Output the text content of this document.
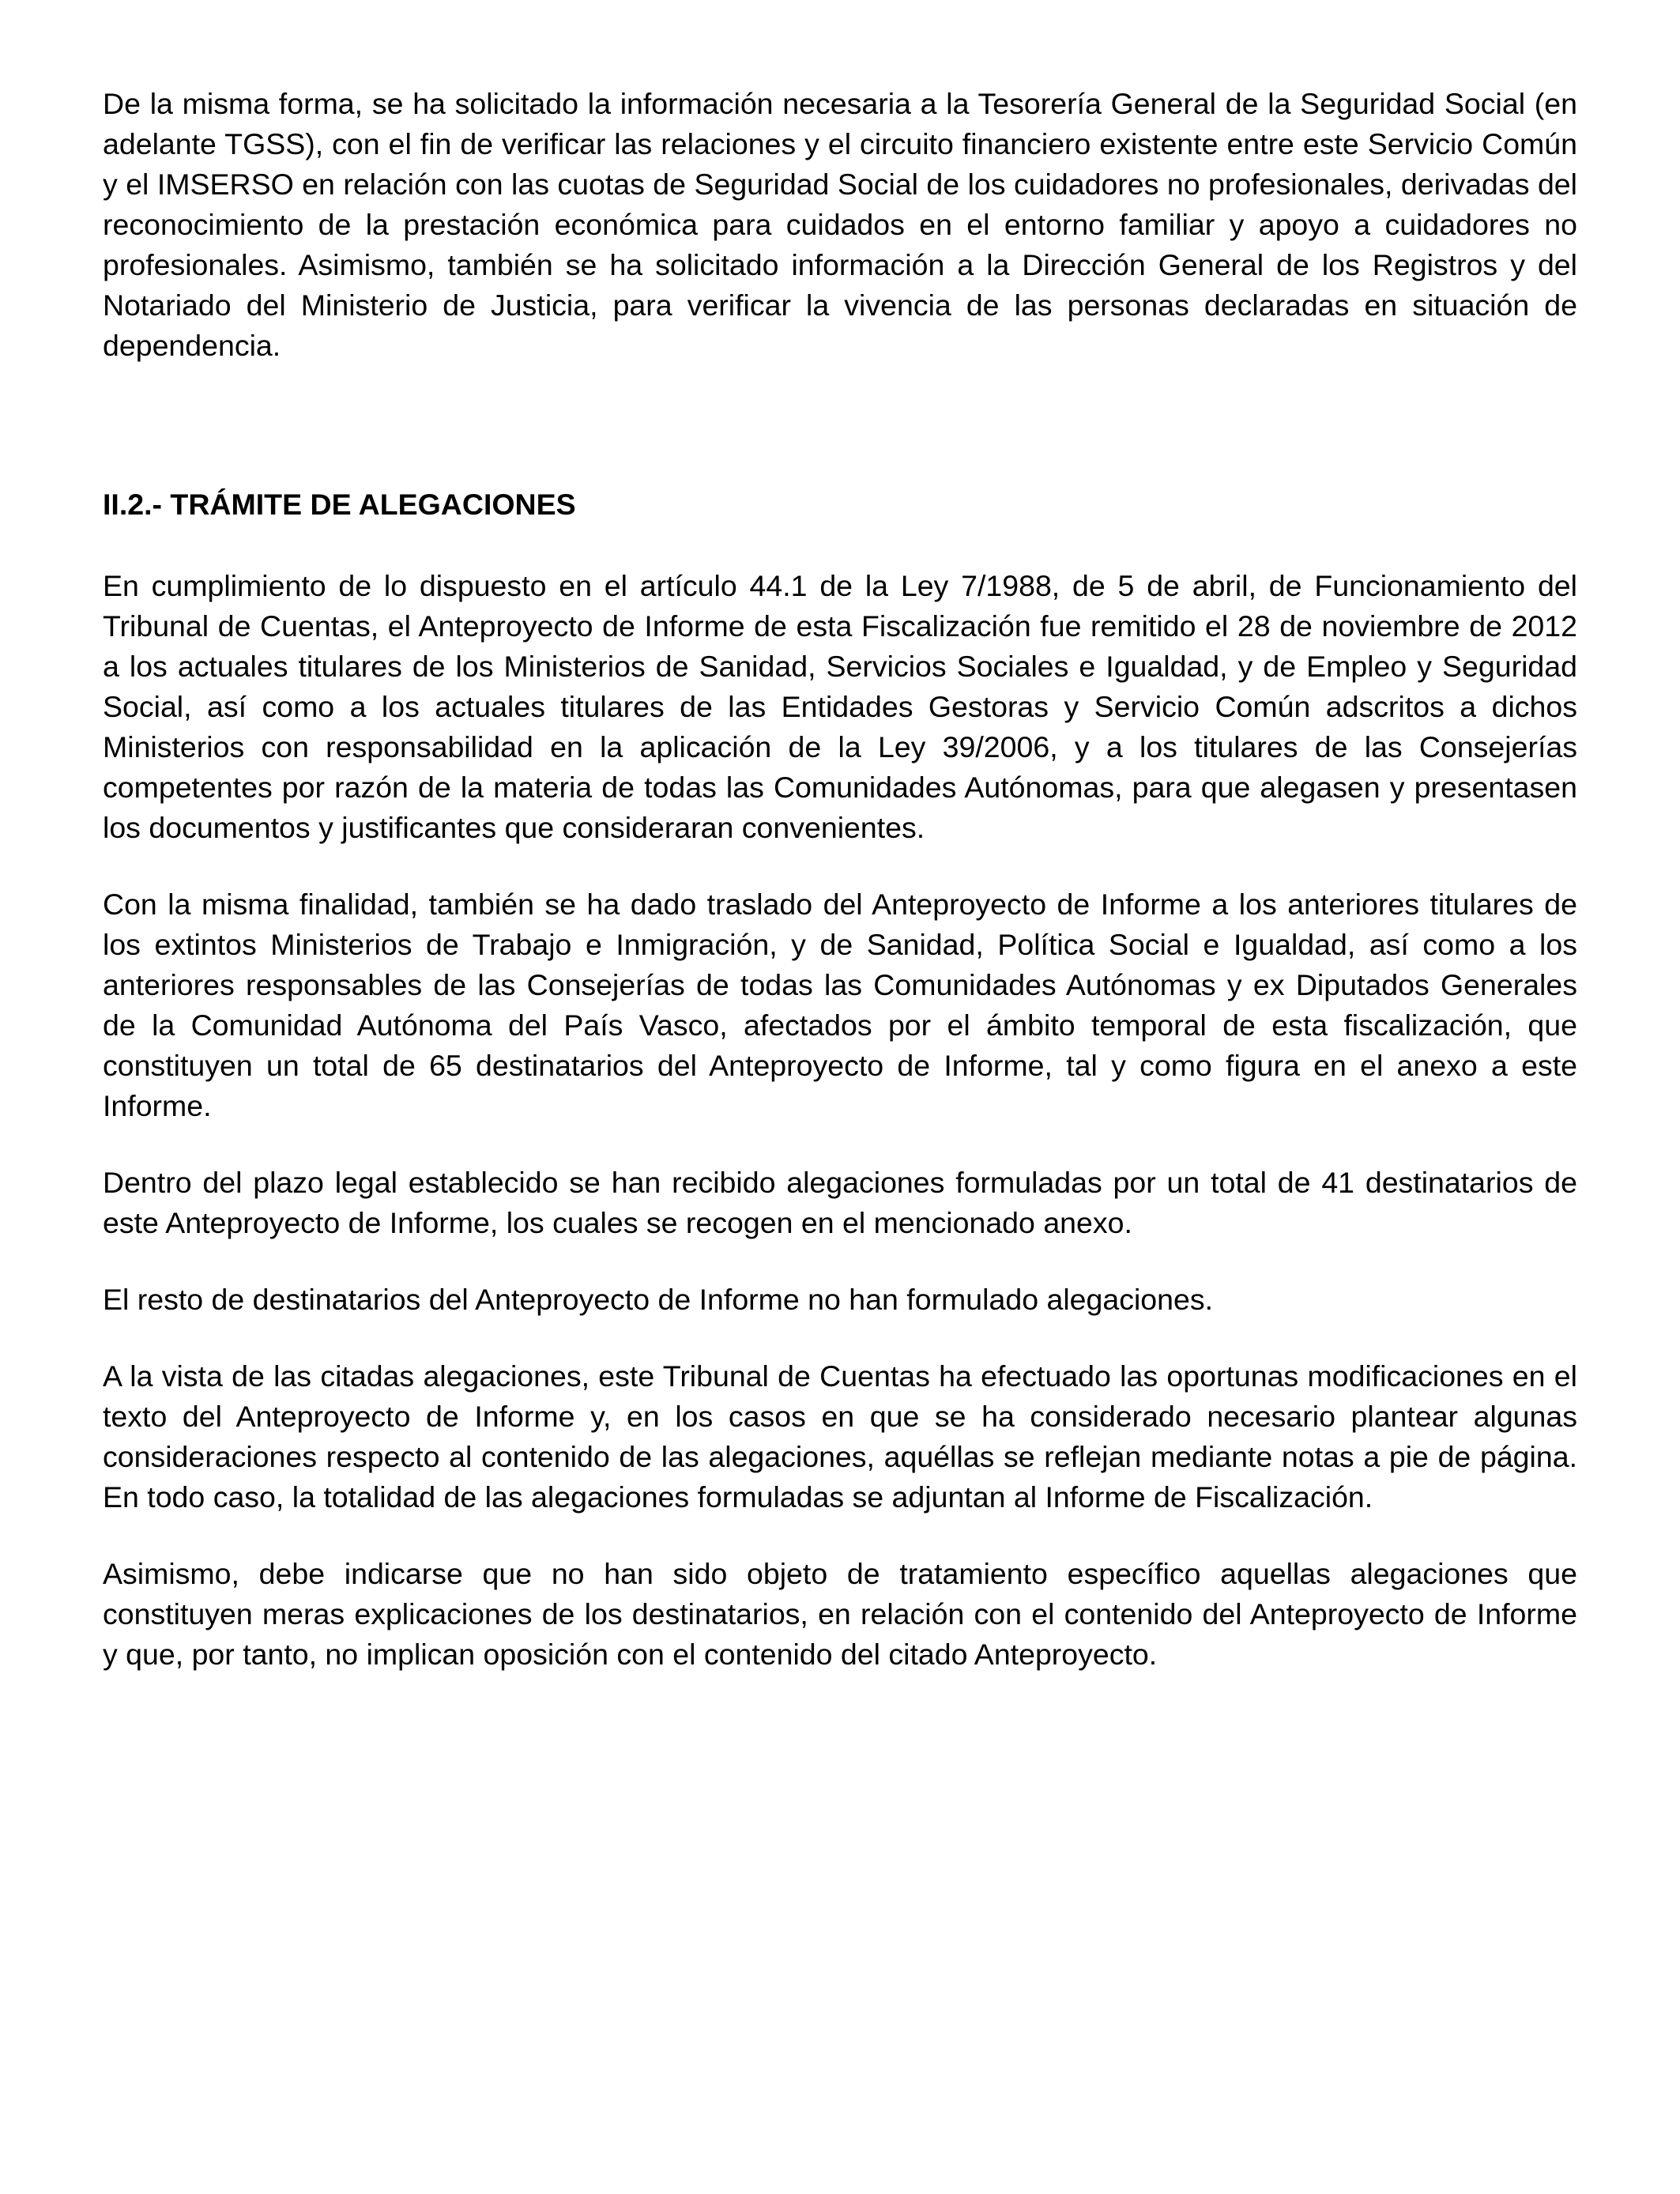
De la misma forma, se ha solicitado la información necesaria a la Tesorería General de la Seguridad Social (en adelante TGSS), con el fin de verificar las relaciones y el circuito financiero existente entre este Servicio Común y el IMSERSO en relación con las cuotas de Seguridad Social de los cuidadores no profesionales, derivadas del reconocimiento de la prestación económica para cuidados en el entorno familiar y apoyo a cuidadores no profesionales. Asimismo, también se ha solicitado información a la Dirección General de los Registros y del Notariado del Ministerio de Justicia, para verificar la vivencia de las personas declaradas en situación de dependencia.

II.2.- TRÁMITE DE ALEGACIONES

En cumplimiento de lo dispuesto en el artículo 44.1 de la Ley 7/1988, de 5 de abril, de Funcionamiento del Tribunal de Cuentas, el Anteproyecto de Informe de esta Fiscalización fue remitido el 28 de noviembre de 2012 a los actuales titulares de los Ministerios de Sanidad, Servicios Sociales e Igualdad, y de Empleo y Seguridad Social, así como a los actuales titulares de las Entidades Gestoras y Servicio Común adscritos a dichos Ministerios con responsabilidad en la aplicación de la Ley 39/2006, y a los titulares de las Consejerías competentes por razón de la materia de todas las Comunidades Autónomas, para que alegasen y presentasen los documentos y justificantes que consideraran convenientes.

Con la misma finalidad, también se ha dado traslado del Anteproyecto de Informe a los anteriores titulares de los extintos Ministerios de Trabajo e Inmigración, y de Sanidad, Política Social e Igualdad, así como a los anteriores responsables de las Consejerías de todas las Comunidades Autónomas y ex Diputados Generales de la Comunidad Autónoma del País Vasco, afectados por el ámbito temporal de esta fiscalización, que constituyen un total de 65 destinatarios del Anteproyecto de Informe, tal y como figura en el anexo a este Informe.

Dentro del plazo legal establecido se han recibido alegaciones formuladas por un total de 41 destinatarios de este Anteproyecto de Informe, los cuales se recogen en el mencionado anexo.

El resto de destinatarios del Anteproyecto de Informe no han formulado alegaciones.

A la vista de las citadas alegaciones, este Tribunal de Cuentas ha efectuado las oportunas modificaciones en el texto del Anteproyecto de Informe y, en los casos en que se ha considerado necesario plantear algunas consideraciones respecto al contenido de las alegaciones, aquéllas se reflejan mediante notas a pie de página. En todo caso, la totalidad de las alegaciones formuladas se adjuntan al Informe de Fiscalización.

Asimismo, debe indicarse que no han sido objeto de tratamiento específico aquellas alegaciones que constituyen meras explicaciones de los destinatarios, en relación con el contenido del Anteproyecto de Informe y que, por tanto, no implican oposición con el contenido del citado Anteproyecto.
